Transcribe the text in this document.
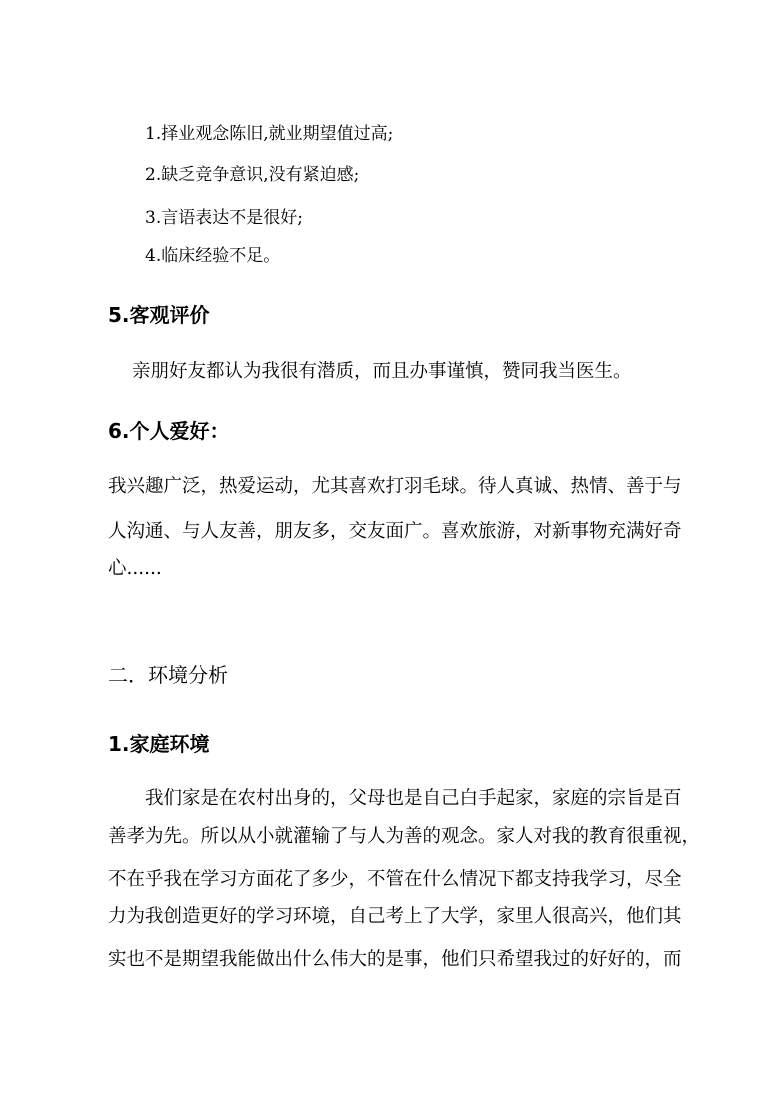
1.择业观念陈旧,就业期望值过高;
2.缺乏竞争意识,没有紧迫感;
3.言语表达不是很好;
4.临床经验不足。
5.客观评价
亲朋好友都认为我很有潜质，而且办事谨慎，赞同我当医生。
6.个人爱好：
我兴趣广泛，热爱运动，尤其喜欢打羽毛球。待人真诚、热情、善于与
人沟通、与人友善，朋友多，交友面广。喜欢旅游，对新事物充满好奇
心......
二．环境分析
1.家庭环境
我们家是在农村出身的，父母也是自己白手起家，家庭的宗旨是百
善孝为先。所以从小就灌输了与人为善的观念。家人对我的教育很重视，
不在乎我在学习方面花了多少，不管在什么情况下都支持我学习，尽全
力为我创造更好的学习环境，自己考上了大学，家里人很高兴，他们其
实也不是期望我能做出什么伟大的是事，他们只希望我过的好好的，而
